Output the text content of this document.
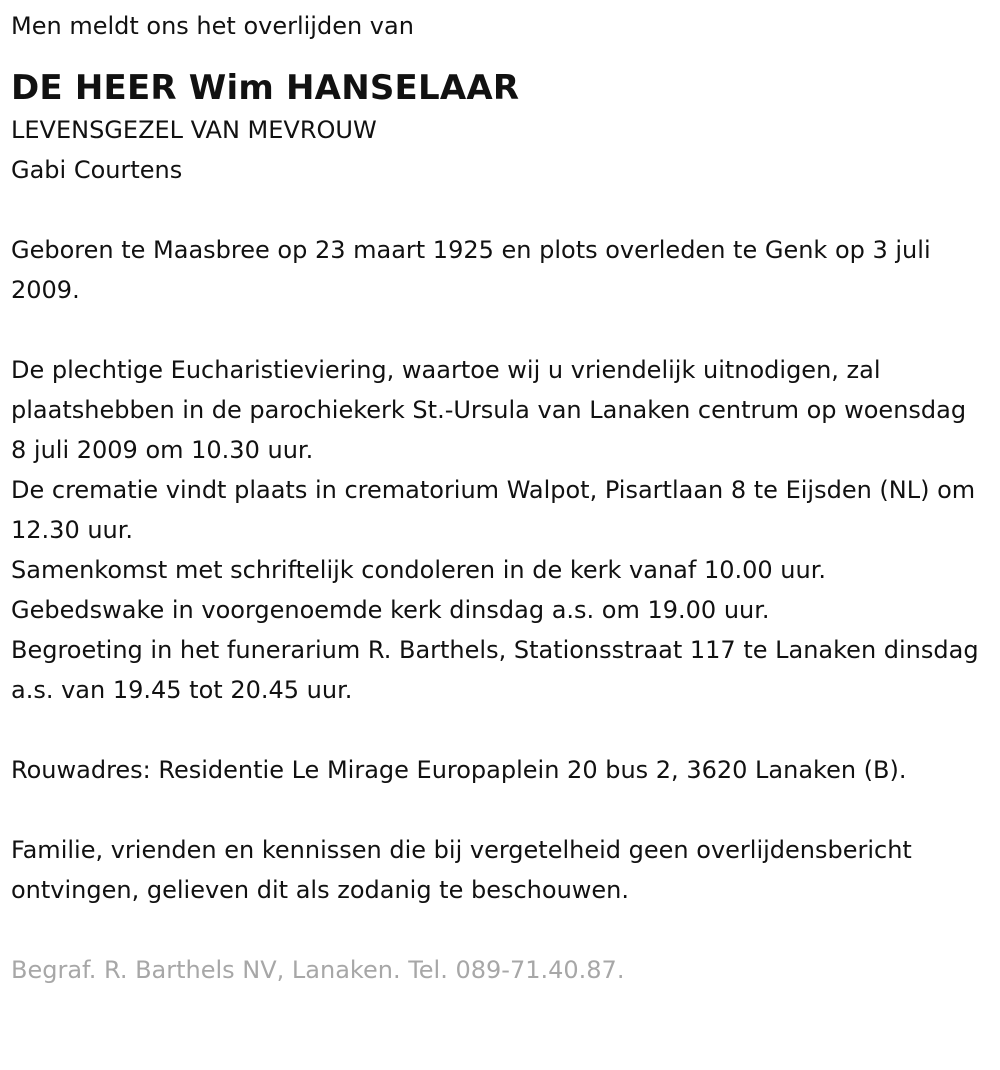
Men meldt ons het overlijden van

DE HEER Wim HANSELAAR

LEVENSGEZEL VAN MEVROUW

Gabi Courtens

Geboren te Maasbree op 23 maart 1925 en plots overleden te Genk op 3 juli 2009.

De plechtige Eucharistieviering, waartoe wij u vriendelijk uitnodigen, zal plaatshebben in de parochiekerk St.-Ursula van Lanaken centrum op woensdag 8 juli 2009 om 10.30 uur.

De crematie vindt plaats in crematorium Walpot, Pisartlaan 8 te Eijsden (NL) om 12.30 uur.

Samenkomst met schriftelijk condoleren in de kerk vanaf 10.00 uur.

Gebedswake in voorgenoemde kerk dinsdag a.s. om 19.00 uur.

Begroeting in het funerarium R. Barthels, Stationsstraat 117 te Lanaken dinsdag a.s. van 19.45 tot 20.45 uur.

Rouwadres: Residentie Le Mirage Europaplein 20 bus 2, 3620 Lanaken (B).

Familie, vrienden en kennissen die bij vergetelheid geen overlijdensbericht ontvingen, gelieven dit als zodanig te beschouwen.

Begraf. R. Barthels NV, Lanaken. Tel. 089-71.40.87.
